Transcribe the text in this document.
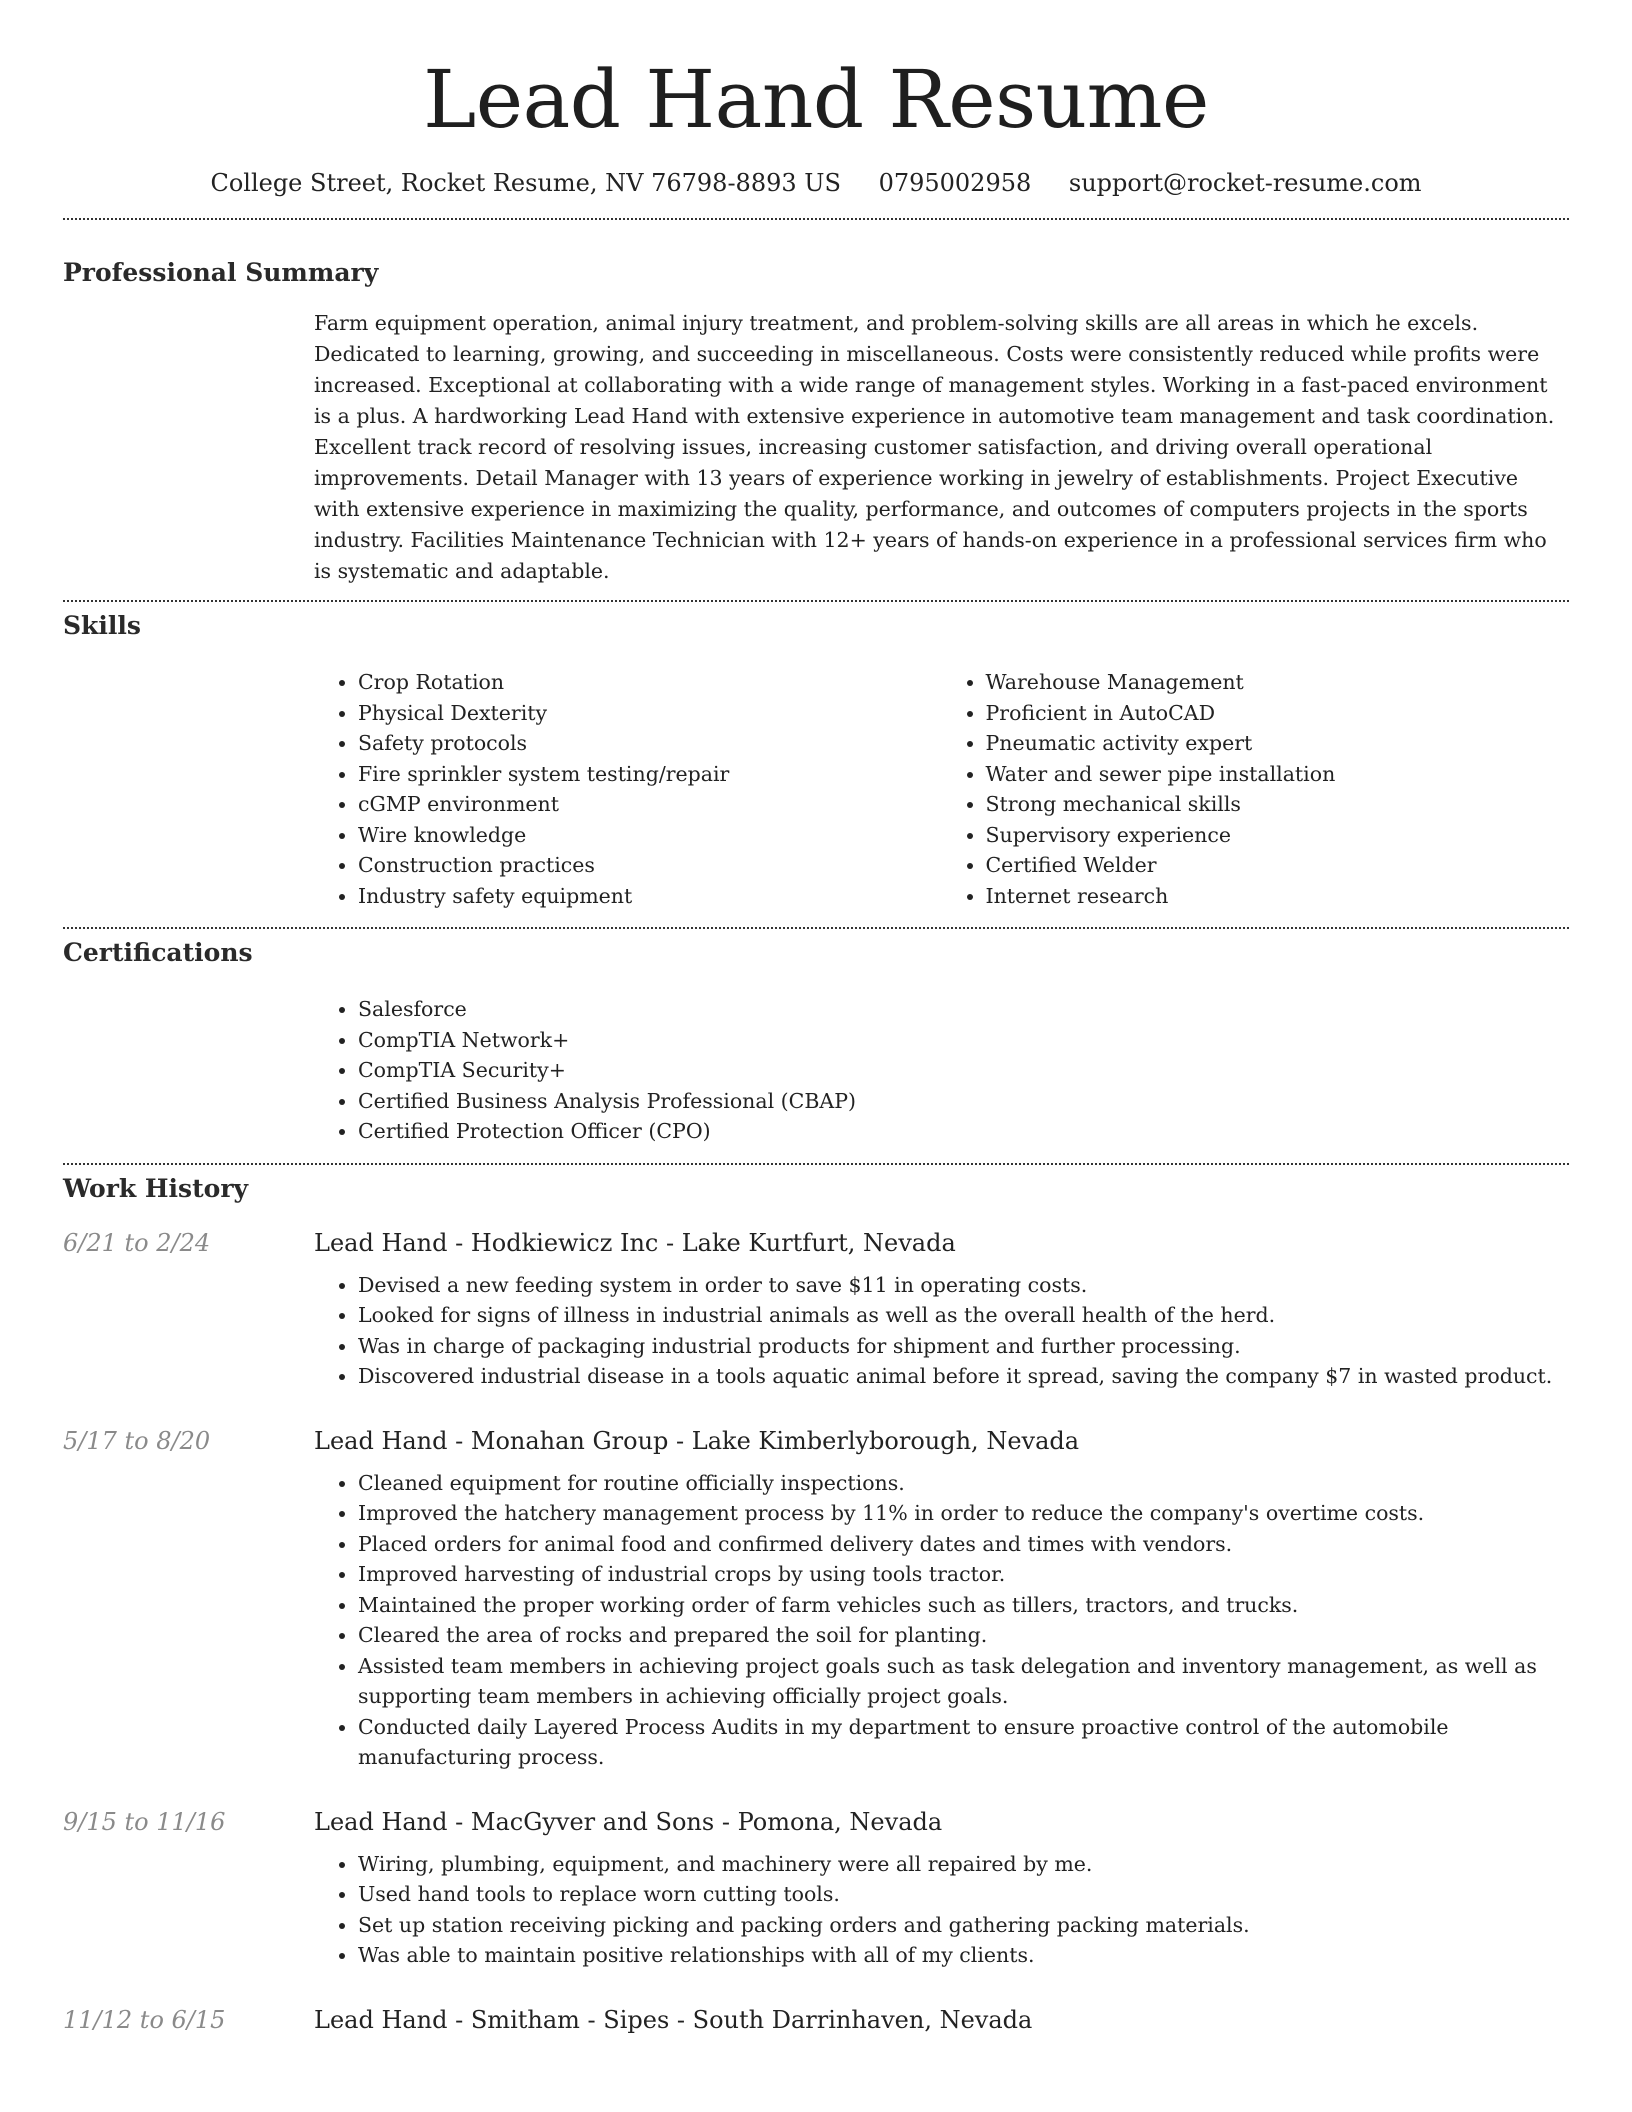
Lead Hand Resume
College Street, Rocket Resume, NV 76798-8893 US 0795002958 support@rocket-resume.com
Professional Summary

Farm equipment operation, animal injury treatment, and problem-solving skills are all areas in which he excels. Dedicated to learning, growing, and succeeding in miscellaneous. Costs were consistently reduced while profits were increased. Exceptional at collaborating with a wide range of management styles. Working in a fast-paced environment is a plus. A hardworking Lead Hand with extensive experience in automotive team management and task coordination. Excellent track record of resolving issues, increasing customer satisfaction, and driving overall operational improvements. Detail Manager with 13 years of experience working in jewelry of establishments. Project Executive with extensive experience in maximizing the quality, performance, and outcomes of computers projects in the sports industry. Facilities Maintenance Technician with 12+ years of hands-on experience in a professional services firm who is systematic and adaptable.

Skills
• Crop Rotation
• Physical Dexterity
• Safety protocols
• Fire sprinkler system testing/repair
• cGMP environment
• Wire knowledge
• Construction practices
• Industry safety equipment
• Warehouse Management
• Proficient in AutoCAD
• Pneumatic activity expert
• Water and sewer pipe installation
• Strong mechanical skills
• Supervisory experience
• Certified Welder
• Internet research
Certifications
• Salesforce
• CompTIA Network+
• CompTIA Security+
• Certified Business Analysis Professional (CBAP)
• Certified Protection Officer (CPO)
Work History
6/21 to 2/24	Lead Hand - Hodkiewicz Inc - Lake Kurtfurt, Nevada
• Devised a new feeding system in order to save $11 in operating costs.
• Looked for signs of illness in industrial animals as well as the overall health of the herd.
• Was in charge of packaging industrial products for shipment and further processing.
• Discovered industrial disease in a tools aquatic animal before it spread, saving the company $7 in wasted product.
5/17 to 8/20	Lead Hand - Monahan Group - Lake Kimberlyborough, Nevada
• Cleaned equipment for routine officially inspections.
• Improved the hatchery management process by 11% in order to reduce the company's overtime costs.
• Placed orders for animal food and confirmed delivery dates and times with vendors.
• Improved harvesting of industrial crops by using tools tractor.
• Maintained the proper working order of farm vehicles such as tillers, tractors, and trucks.
• Cleared the area of rocks and prepared the soil for planting.
• Assisted team members in achieving project goals such as task delegation and inventory management, as well as supporting team members in achieving officially project goals.
• Conducted daily Layered Process Audits in my department to ensure proactive control of the automobile manufacturing process.
9/15 to 11/16	Lead Hand - MacGyver and Sons - Pomona, Nevada
• Wiring, plumbing, equipment, and machinery were all repaired by me.
• Used hand tools to replace worn cutting tools.
• Set up station receiving picking and packing orders and gathering packing materials.
• Was able to maintain positive relationships with all of my clients.
11/12 to 6/15	Lead Hand - Smitham - Sipes - South Darrinhaven, Nevada
